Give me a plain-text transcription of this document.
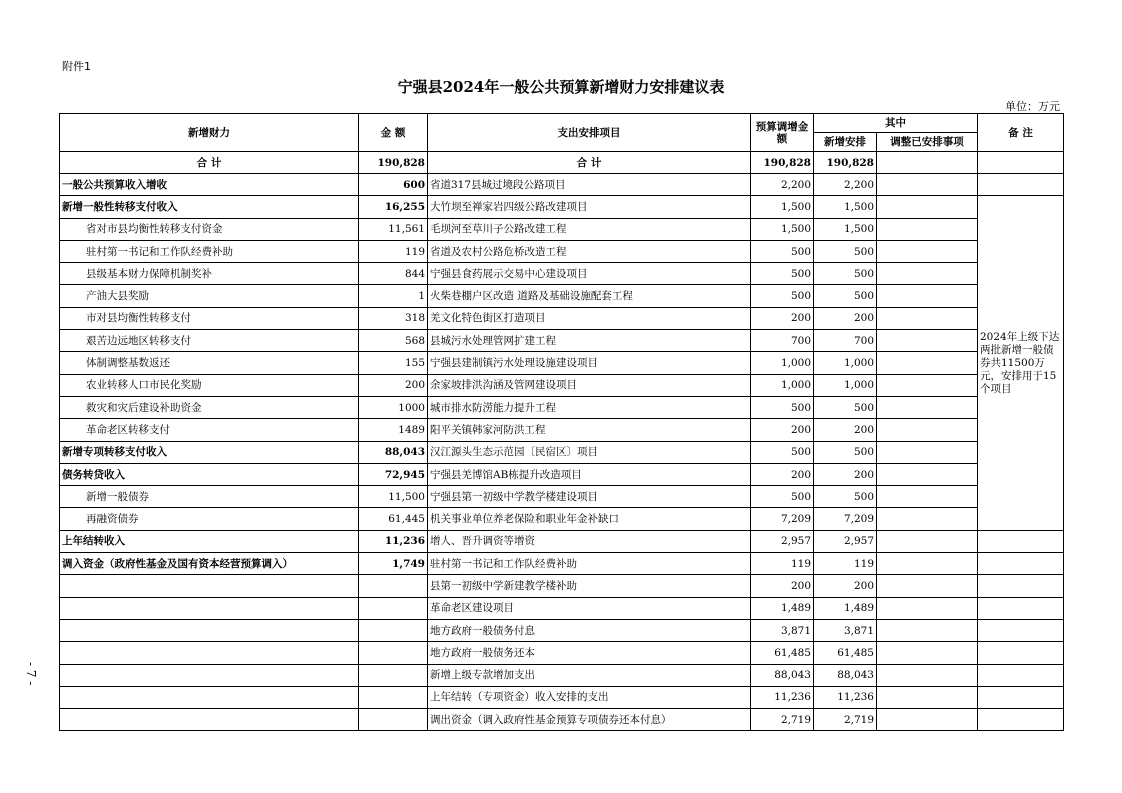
附件1
宁强县2024年一般公共预算新增财力安排建议表
单位：万元
- 7 -
新增财力	金 额	支出安排项目	预算调增金额	其中		备 注
				新增安排	调整已安排事项	
合 计	190,828	合 计	190,828	190,828		
一般公共预算收入增收	600	省道317县城过境段公路项目	2,200	2,200		
新增一般性转移支付收入	16,255	大竹坝至禅家岩四级公路改建项目	1,500	1,500		2024年上级下达两批新增一般债券共11500万元，安排用于15个项目
省对市县均衡性转移支付资金	11,561	毛坝河至草川子公路改建工程	1,500	1,500		
驻村第一书记和工作队经费补助	119	省道及农村公路危桥改造工程	500	500		
县级基本财力保障机制奖补	844	宁强县食药展示交易中心建设项目	500	500		
产油大县奖励	1	火柴巷棚户区改造 道路及基础设施配套工程	500	500		
市对县均衡性转移支付	318	羌文化特色街区打造项目	200	200		
艰苦边远地区转移支付	568	县城污水处理管网扩建工程	700	700		
体制调整基数返还	155	宁强县建制镇污水处理设施建设项目	1,000	1,000		
农业转移人口市民化奖励	200	余家坡排洪沟涵及管网建设项目	1,000	1,000		
救灾和灾后建设补助资金	1000	城市排水防涝能力提升工程	500	500		
革命老区转移支付	1489	阳平关镇韩家河防洪工程	200	200		
新增专项转移支付收入	88,043	汉江源头生态示范园〔民宿区〕项目	500	500		
债务转贷收入	72,945	宁强县羌博馆AB栋提升改造项目	200	200		
新增一般债券	11,500	宁强县第一初级中学教学楼建设项目	500	500		
再融资债券	61,445	机关事业单位养老保险和职业年金补缺口	7,209	7,209		
上年结转收入	11,236	增人、晋升调资等增资	2,957	2,957		
调入资金（政府性基金及国有资本经营预算调入）	1,749	驻村第一书记和工作队经费补助	119	119		
		县第一初级中学新建教学楼补助	200	200		
		革命老区建设项目	1,489	1,489		
		地方政府一般债务付息	3,871	3,871		
		地方政府一般债务还本	61,485	61,485		
		新增上级专款增加支出	88,043	88,043		
		上年结转（专项资金）收入安排的支出	11,236	11,236		
		调出资金（调入政府性基金预算专项债券还本付息）	2,719	2,719		
